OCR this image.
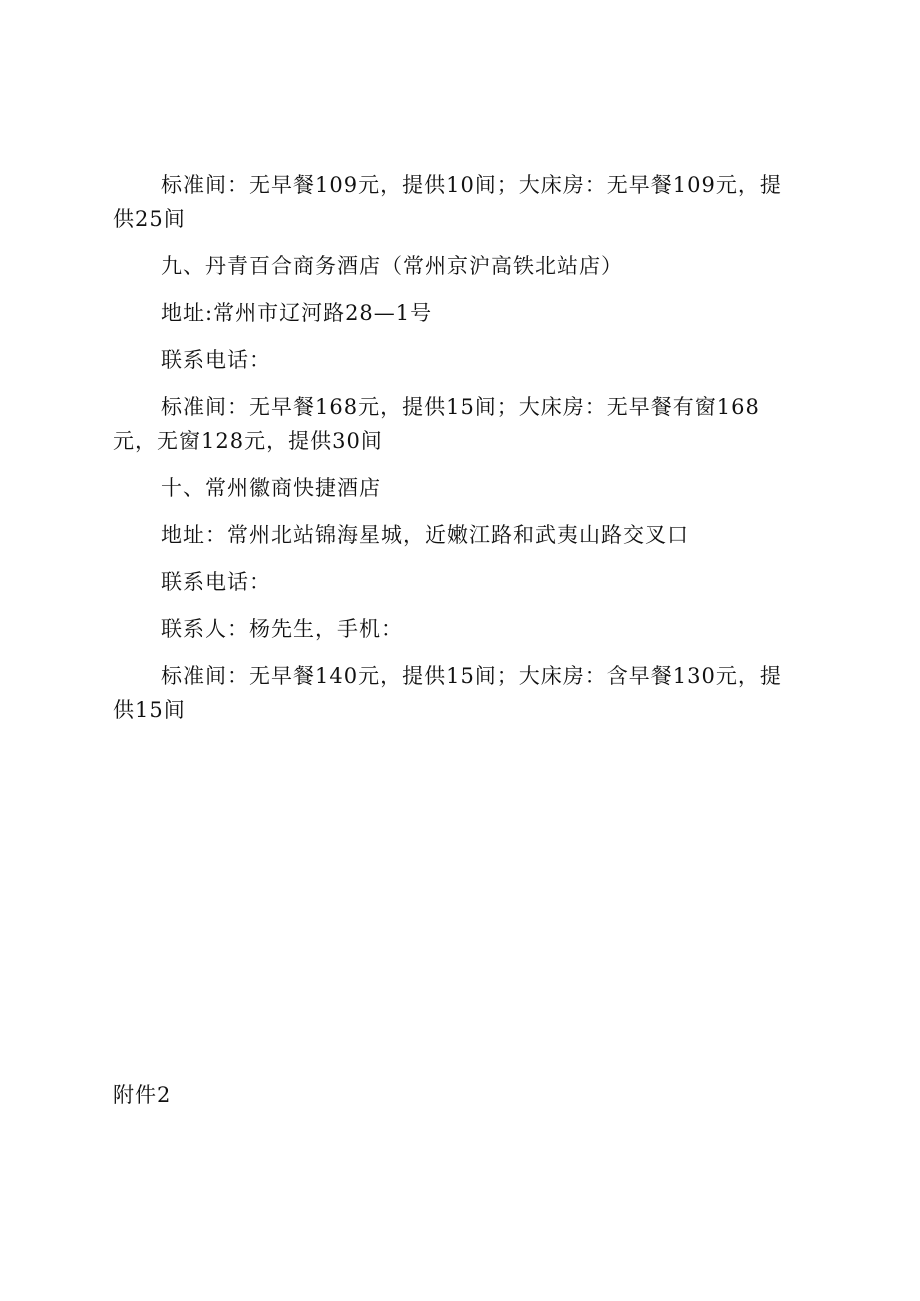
标准间：无早餐109元，提供10间；大床房：无早餐109元，提供25间

九、丹青百合商务酒店（常州京沪高铁北站店）

地址:常州市辽河路28—1号

联系电话：

标准间：无早餐168元，提供15间；大床房：无早餐有窗168元，无窗128元，提供30间

十、常州徽商快捷酒店

地址：常州北站锦海星城，近嫩江路和武夷山路交叉口

联系电话：

联系人：杨先生，手机：

标准间：无早餐140元，提供15间；大床房：含早餐130元，提供15间

附件2
